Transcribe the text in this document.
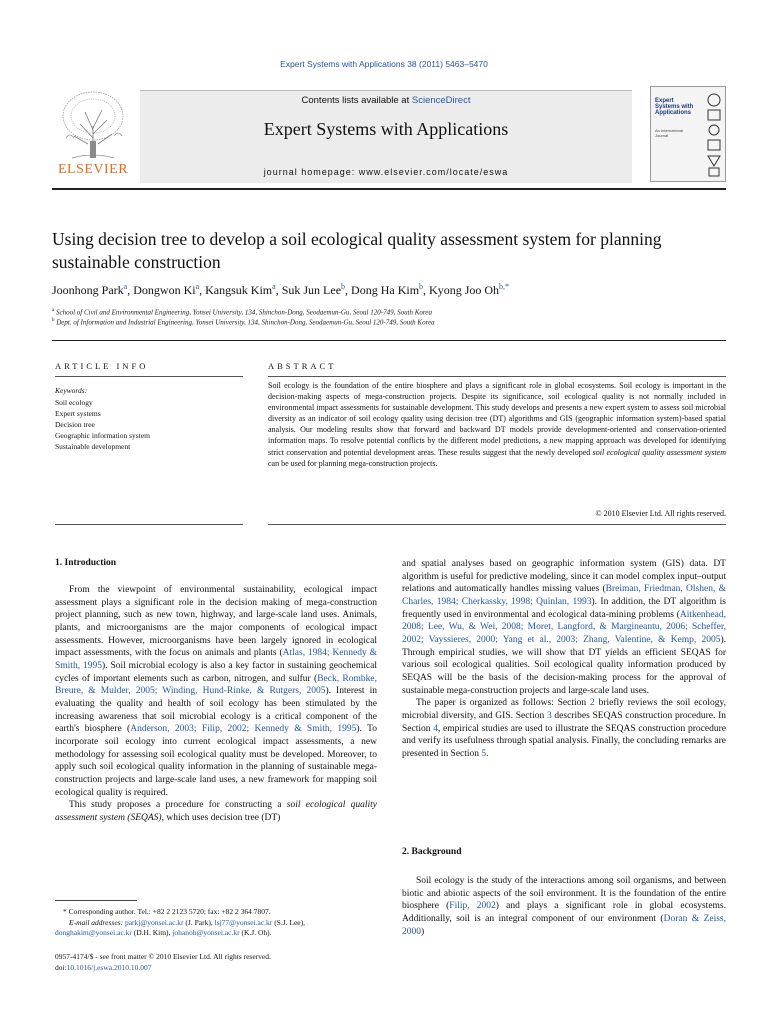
Expert Systems with Applications 38 (2011) 5463–5470
Contents lists available at ScienceDirect
Expert Systems with Applications
journal homepage: www.elsevier.com/locate/eswa
ELSEVIER
Expert Systems with Applications
An International Journal
Using decision tree to develop a soil ecological quality assessment system for planning sustainable construction
Joonhong Park$^a$, Dongwon Ki$^a$, Kangsuk Kim$^a$, Suk Jun Lee$^b$, Dong Ha Kim$^b$, Kyong Joo $Oh^{b,*}$
$^a$ School of Civil and Environmental Engineering, Yonsei University, 134, Shinchon-Dong, Seodaemun-Gu, Seoul 120-749, South Korea
$^b$ Dept. of Information and Industrial Engineering, Yonsei University, 134, Shinchon-Dong, Seodaemun-Gu, Seoul 120-749, South Korea
ARTICLE INFO
Keywords:
Soil ecology
Expert systems
Decision tree
Geographic information system
Sustainable development
ABSTRACT
Soil ecology is the foundation of the entire biosphere and plays a significant role in global ecosystems. Soil ecology is important in the decision-making aspects of mega-construction projects. Despite its significance, soil ecological quality is not normally included in environmental impact assessments for sustainable development. This study develops and presents a new expert system to assess soil microbial diversity as an indicator of soil ecology quality using decision tree (DT) algorithms and GIS (geographic information system)-based spatial analysis. Our modeling results show that forward and backward DT models provide development-oriented and conservation-oriented information maps. To resolve potential conflicts by the different model predictions, a new mapping approach was developed for identifying strict conservation and potential development areas. These results suggest that the newly developed soil ecological quality assessment system can be used for planning mega-construction projects.
© 2010 Elsevier Ltd. All rights reserved.
1. Introduction
From the viewpoint of environmental sustainability, ecological impact assessment plays a significant role in the decision making of mega-construction project planning, such as new town, highway, and large-scale land uses. Animals, plants, and microorganisms are the major components of ecological impact assessments. However, microorganisms have been largely ignored in ecological impact assessments, with the focus on animals and plants (Atlas, 1984; Kennedy & Smith, 1995). Soil microbial ecology is also a key factor in sustaining geochemical cycles of important elements such as carbon, nitrogen, and sulfur (Beck, Rombke, Breure, & Mulder, 2005; Winding, Hund-Rinke, & Rutgers, 2005). Interest in evaluating the quality and health of soil ecology has been stimulated by the increasing awareness that soil microbial ecology is a critical component of the earth's biosphere (Anderson, 2003; Filip, 2002; Kennedy & Smith, 1995). To incorporate soil ecology into current ecological impact assessments, a new methodology for assessing soil ecological quality must be developed. Moreover, to apply such soil ecological quality information in the planning of sustainable mega-construction projects and large-scale land uses, a new framework for mapping soil ecological quality is required.
This study proposes a procedure for constructing a soil ecological quality assessment system (SEQAS), which uses decision tree (DT)
and spatial analyses based on geographic information system (GIS) data. DT algorithm is useful for predictive modeling, since it can model complex input–output relations and automatically handles missing values (Breiman, Friedman, Olshen, & Charles, 1984; Cherkassky, 1998; Quinlan, 1993). In addition, the DT algorithm is frequently used in environmental and ecological data-mining problems (Aitkenhead, 2008; Lee, Wu, & Wei, 2008; Moret, Langford, & Margineantu, 2006; Scheffer, 2002; Vayssieres, 2000; Yang et al., 2003; Zhang, Valentine, & Kemp, 2005). Through empirical studies, we will show that DT yields an efficient SEQAS for various soil ecological qualities. Soil ecological quality information produced by SEQAS will be the basis of the decision-making process for the approval of sustainable mega-construction projects and large-scale land uses.
The paper is organized as follows: Section 2 briefly reviews the soil ecology, microbial diversity, and GIS. Section 3 describes SEQAS construction procedure. In Section 4, empirical studies are used to illustrate the SEQAS construction procedure and verify its usefulness through spatial analysis. Finally, the concluding remarks are presented in Section 5.
2. Background
Soil ecology is the study of the interactions among soil organisms, and between biotic and abiotic aspects of the soil environment. It is the foundation of the entire biosphere (Filip, 2002) and plays a significant role in global ecosystems. Additionally, soil is an integral component of our environment (Doran & Zeiss, 2000)
* Corresponding author. Tel.: +82 2 2123 5720; fax: +82 2 364 7807.
E-mail addresses: parkj@yonsei.ac.kr (J. Park), lsj77@yonsei.ac.kr (S.J. Lee), donghakim@yonsei.ac.kr (D.H. Kim), johanoh@yonsei.ac.kr (K.J. Oh).
0957-4174/$ - see front matter © 2010 Elsevier Ltd. All rights reserved.
doi:10.1016/j.eswa.2010.10.007
